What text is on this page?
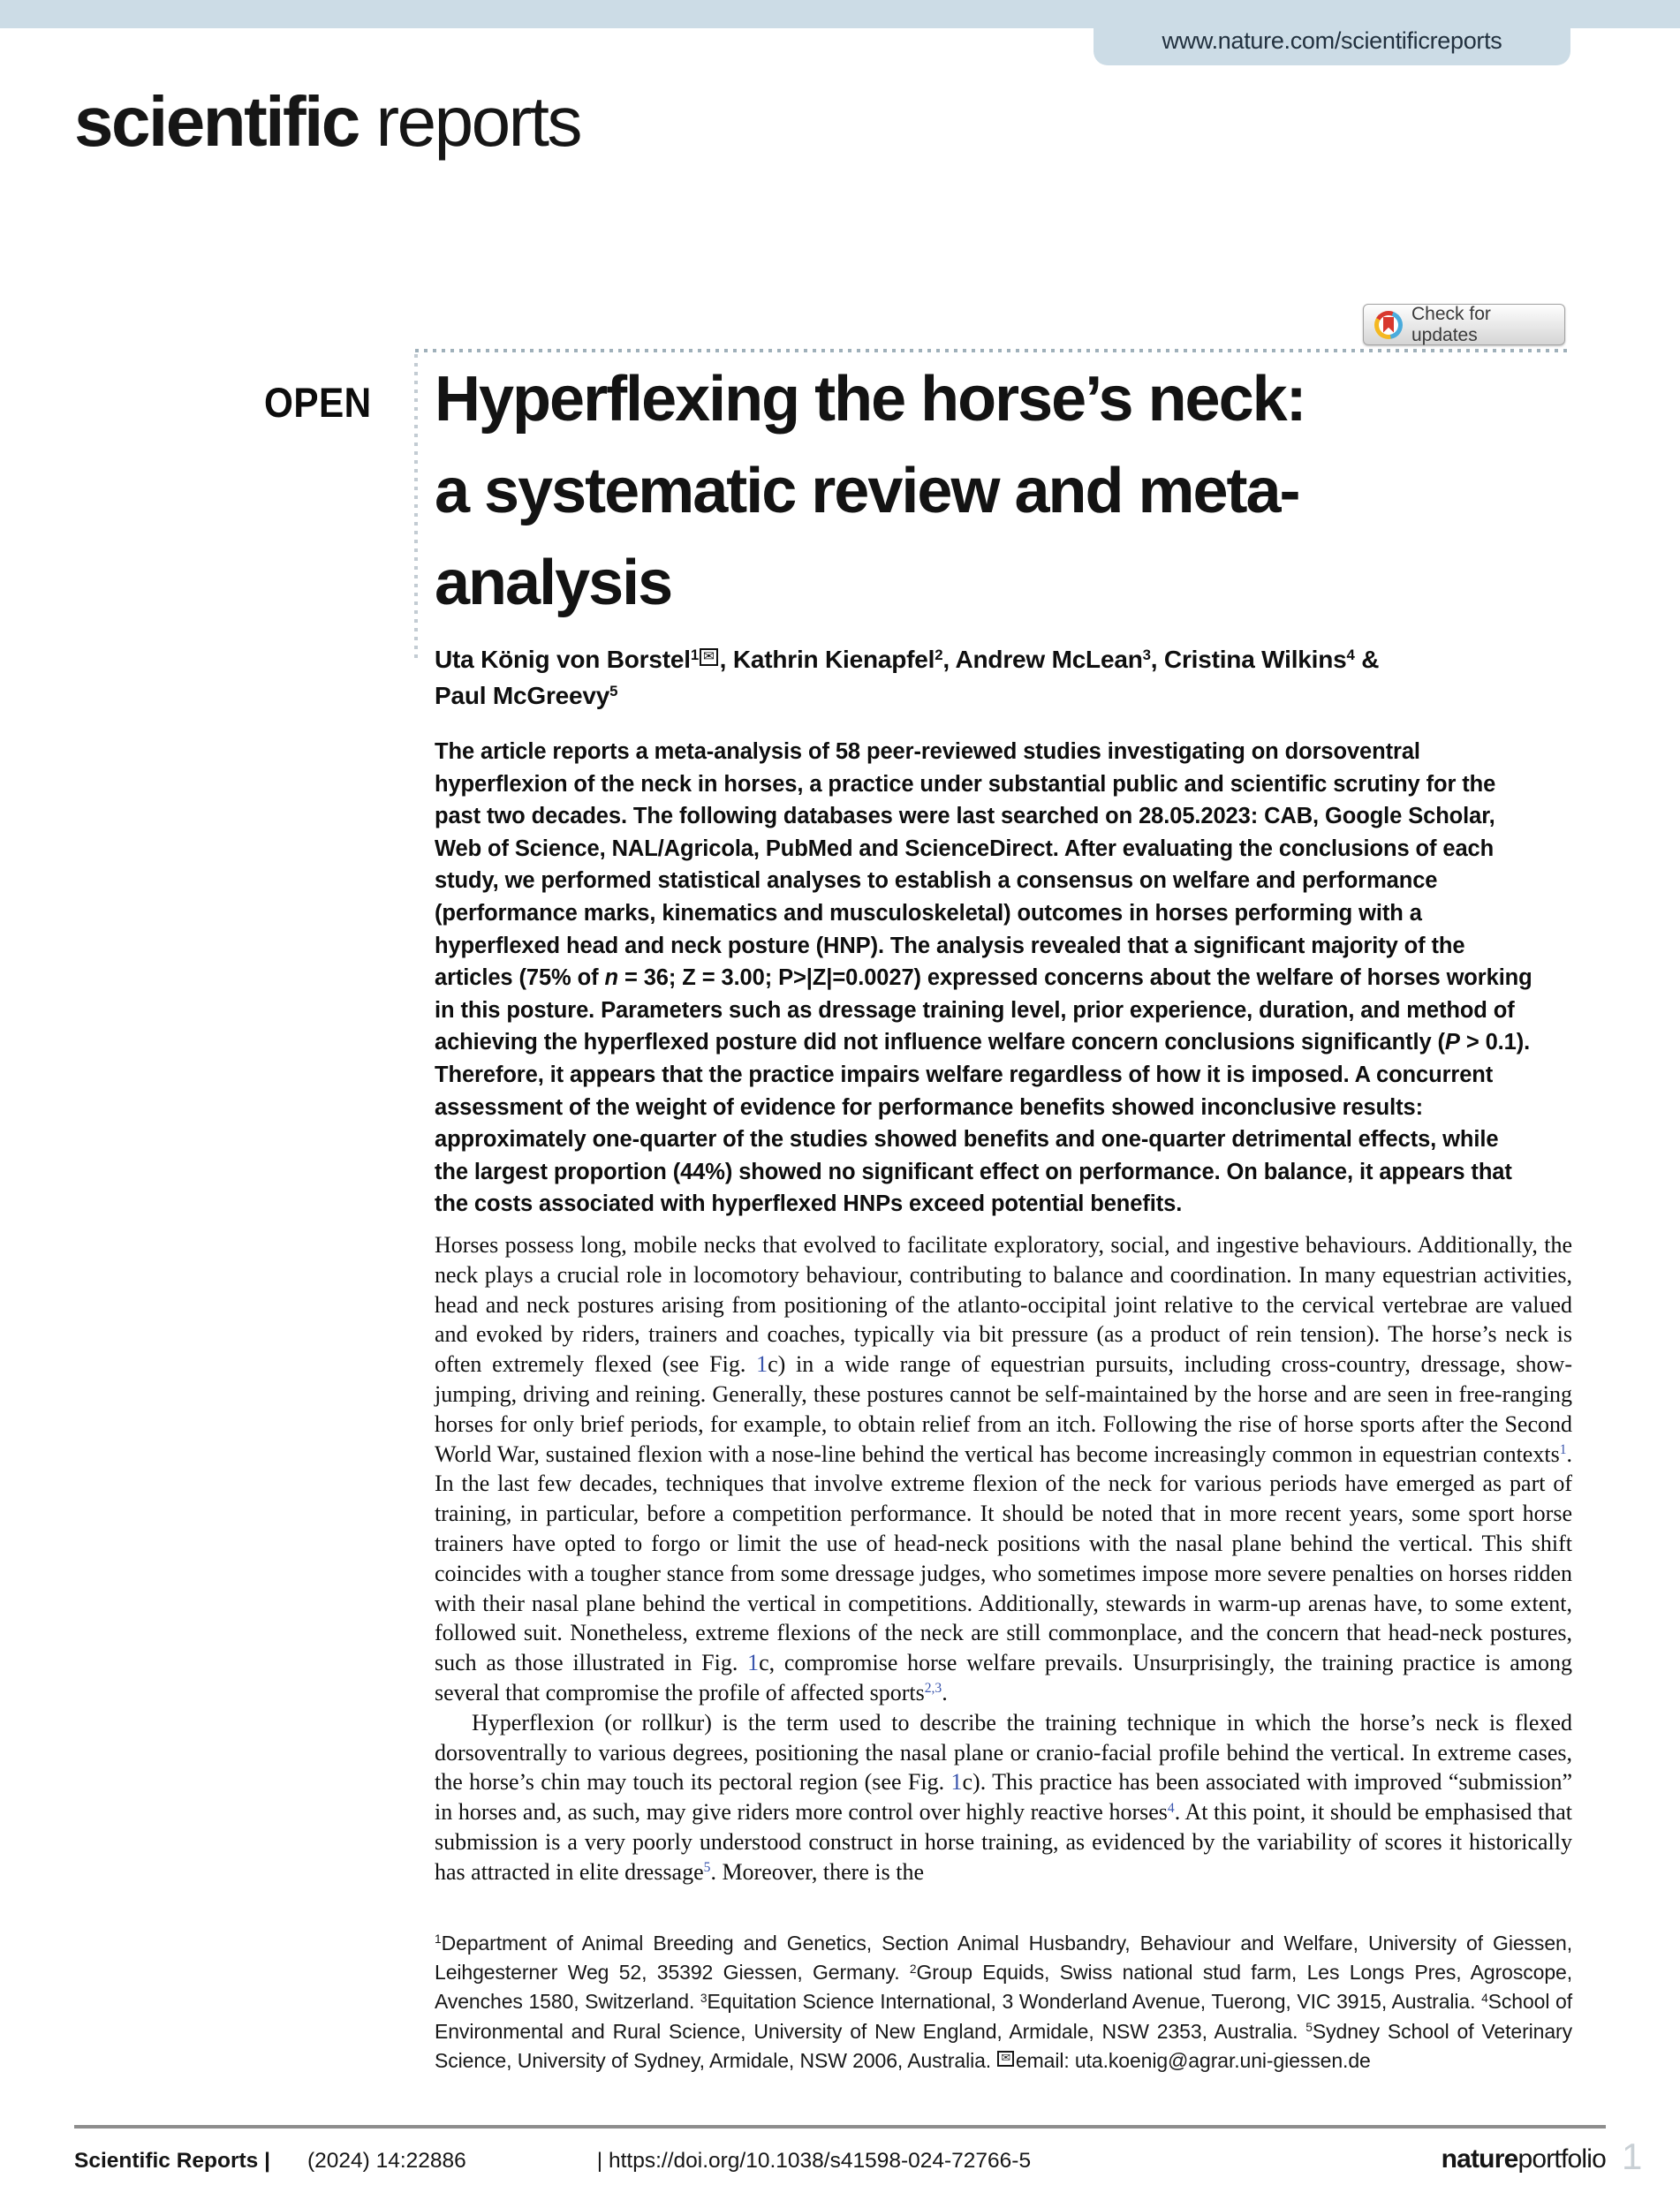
www.nature.com/scientificreports
scientific reports
Check for updates
OPEN Hyperflexing the horse’s neck:
a systematic review and meta-
analysis
Uta König von Borstel$^1$ ✉ , Kathrin Kienapfel$^2$, Andrew McLean$^3$, Cristina Wilkins$^4$ &
Paul McGreevy$^5$
The article reports a meta-analysis of 58 peer-reviewed studies investigating on dorsoventral hyperflexion of the neck in horses, a practice under substantial public and scientific scrutiny for the past two decades. The following databases were last searched on 28.05.2023: CAB, Google Scholar, Web of Science, NAL/Agricola, PubMed and ScienceDirect. After evaluating the conclusions of each study, we performed statistical analyses to establish a consensus on welfare and performance (performance marks, kinematics and musculoskeletal) outcomes in horses performing with a hyperflexed head and neck posture (HNP). The analysis revealed that a significant majority of the articles (75% of n = 36; Z = 3.00; P>|Z|=0.0027) expressed concerns about the welfare of horses working in this posture. Parameters such as dressage training level, prior experience, duration, and method of achieving the hyperflexed posture did not influence welfare concern conclusions significantly (P > 0.1). Therefore, it appears that the practice impairs welfare regardless of how it is imposed. A concurrent assessment of the weight of evidence for performance benefits showed inconclusive results: approximately one-quarter of the studies showed benefits and one-quarter detrimental effects, while the largest proportion (44%) showed no significant effect on performance. On balance, it appears that the costs associated with hyperflexed HNPs exceed potential benefits.

Horses possess long, mobile necks that evolved to facilitate exploratory, social, and ingestive behaviours. Additionally, the neck plays a crucial role in locomotory behaviour, contributing to balance and coordination. In many equestrian activities, head and neck postures arising from positioning of the atlanto-occipital joint relative to the cervical vertebrae are valued and evoked by riders, trainers and coaches, typically via bit pressure (as a product of rein tension). The horse’s neck is often extremely flexed (see Fig. 1c) in a wide range of equestrian pursuits, including cross-country, dressage, show-jumping, driving and reining. Generally, these postures cannot be self-maintained by the horse and are seen in free-ranging horses for only brief periods, for example, to obtain relief from an itch. Following the rise of horse sports after the Second World War, sustained flexion with a nose-line behind the vertical has become increasingly common in equestrian contexts$^1$. In the last few decades, techniques that involve extreme flexion of the neck for various periods have emerged as part of training, in particular, before a competition performance. It should be noted that in more recent years, some sport horse trainers have opted to forgo or limit the use of head-neck positions with the nasal plane behind the vertical. This shift coincides with a tougher stance from some dressage judges, who sometimes impose more severe penalties on horses ridden with their nasal plane behind the vertical in competitions. Additionally, stewards in warm-up arenas have, to some extent, followed suit. Nonetheless, extreme flexions of the neck are still commonplace, and the concern that head-neck postures, such as those illustrated in Fig. 1c, compromise horse welfare prevails. Unsurprisingly, the training practice is among several that compromise the profile of affected sports$^{2,3}$.

Hyperflexion (or rollkur) is the term used to describe the training technique in which the horse’s neck is flexed dorsoventrally to various degrees, positioning the nasal plane or cranio-facial profile behind the vertical. In extreme cases, the horse’s chin may touch its pectoral region (see Fig. 1c). This practice has been associated with improved “submission” in horses and, as such, may give riders more control over highly reactive horses$^4$. At this point, it should be emphasised that submission is a very poorly understood construct in horse training, as evidenced by the variability of scores it historically has attracted in elite dressage$^5$. Moreover, there is the

$^1$Department of Animal Breeding and Genetics, Section Animal Husbandry, Behaviour and Welfare, University of Giessen, Leihgesterner Weg 52, 35392 Giessen, Germany. $^2$Group Equids, Swiss national stud farm, Les Longs Pres, Agroscope, Avenches 1580, Switzerland. $^3$Equitation Science International, 3 Wonderland Avenue, Tuerong, VIC 3915, Australia. $^4$School of Environmental and Rural Science, University of New England, Armidale, NSW 2353, Australia. $^5$Sydney School of Veterinary Science, University of Sydney, Armidale, NSW 2006, Australia. ✉ email: uta.koenig@agrar.uni-giessen.de
Scientific Reports | (2024) 14:22886	| https://doi.org/10.1038/s41598-024-72766-5	natureportfolio 1
